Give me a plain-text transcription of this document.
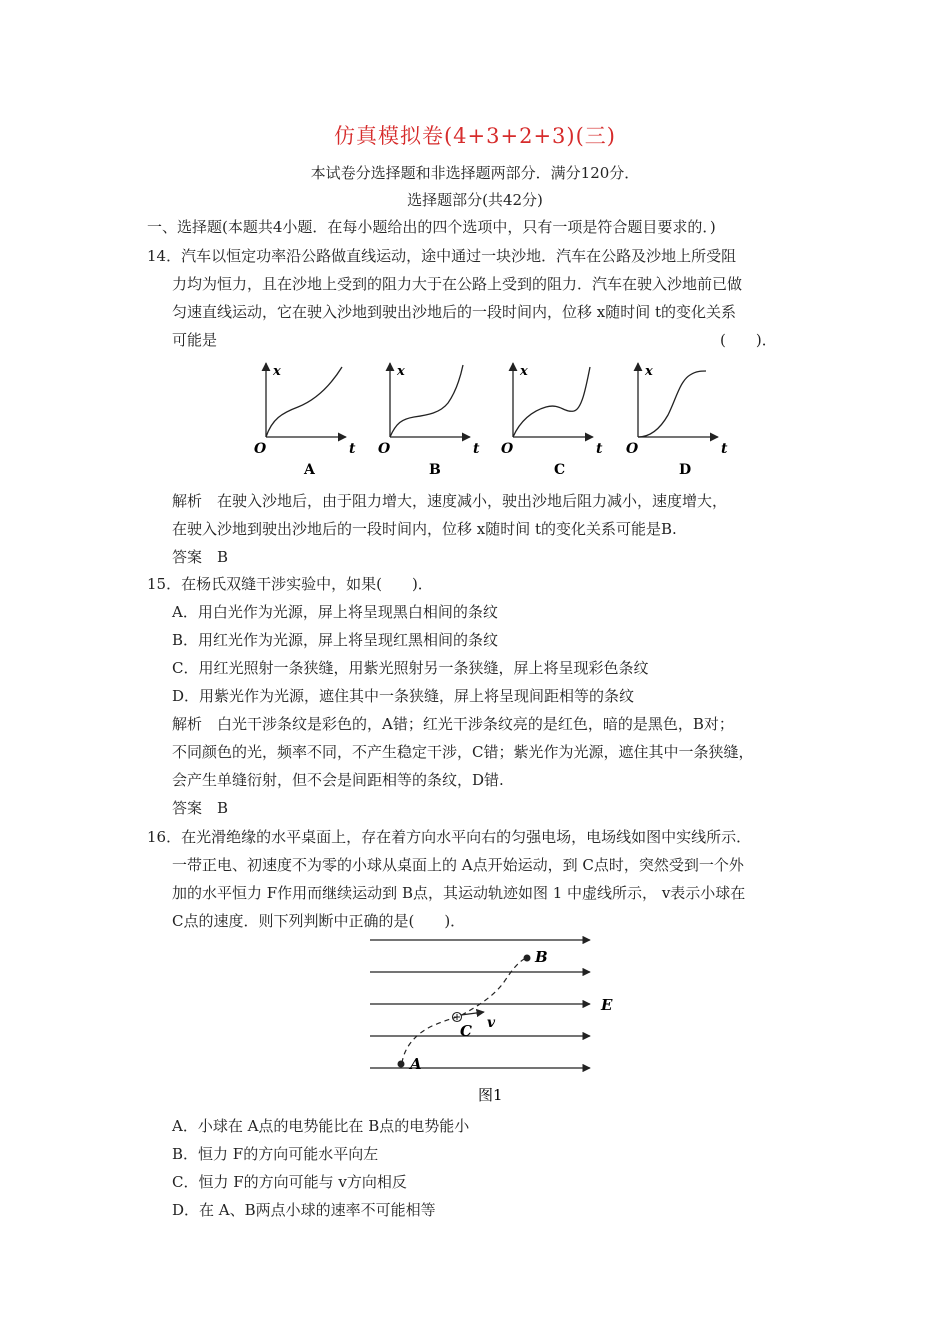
仿真模拟卷(4+3+2+3)(三)
本试卷分选择题和非选择题两部分．满分120分．
选择题部分(共42分)
一、选择题(本题共4小题．在每小题给出的四个选项中，只有一项是符合题目要求的．)
14．汽车以恒定功率沿公路做直线运动，途中通过一块沙地．汽车在公路及沙地上所受阻
力均为恒力，且在沙地上受到的阻力大于在公路上受到的阻力．汽车在驶入沙地前已做
匀速直线运动，它在驶入沙地到驶出沙地后的一段时间内，位移 x随时间 t的变化关系
可能是	(　　)．
x
t
O
A
x
t
O
B
x
t
O
C
x
t
O
D
解析　在驶入沙地后，由于阻力增大，速度减小，驶出沙地后阻力减小，速度增大，
在驶入沙地到驶出沙地后的一段时间内，位移 x随时间 t的变化关系可能是B.
答案　B
15．在杨氏双缝干涉实验中，如果(　　)．
A．用白光作为光源，屏上将呈现黑白相间的条纹
B．用红光作为光源，屏上将呈现红黑相间的条纹
C．用红光照射一条狭缝，用紫光照射另一条狭缝，屏上将呈现彩色条纹
D．用紫光作为光源，遮住其中一条狭缝，屏上将呈现间距相等的条纹
解析　白光干涉条纹是彩色的，A错；红光干涉条纹亮的是红色，暗的是黑色，B对；
不同颜色的光，频率不同，不产生稳定干涉，C错；紫光作为光源，遮住其中一条狭缝，
会产生单缝衍射，但不会是间距相等的条纹，D错.
答案　B
16．在光滑绝缘的水平桌面上，存在着方向水平向右的匀强电场，电场线如图中实线所示．
一带正电、初速度不为零的小球从桌面上的 A点开始运动，到 C点时，突然受到一个外
加的水平恒力 F作用而继续运动到 B点，其运动轨迹如图 1 中虚线所示， v表示小球在
C点的速度．则下列判断中正确的是(　　)．
A
B
C v
E
图1
A．小球在 A点的电势能比在 B点的电势能小
B．恒力 F的方向可能水平向左
C．恒力 F的方向可能与 v方向相反
D．在 A、B两点小球的速率不可能相等
